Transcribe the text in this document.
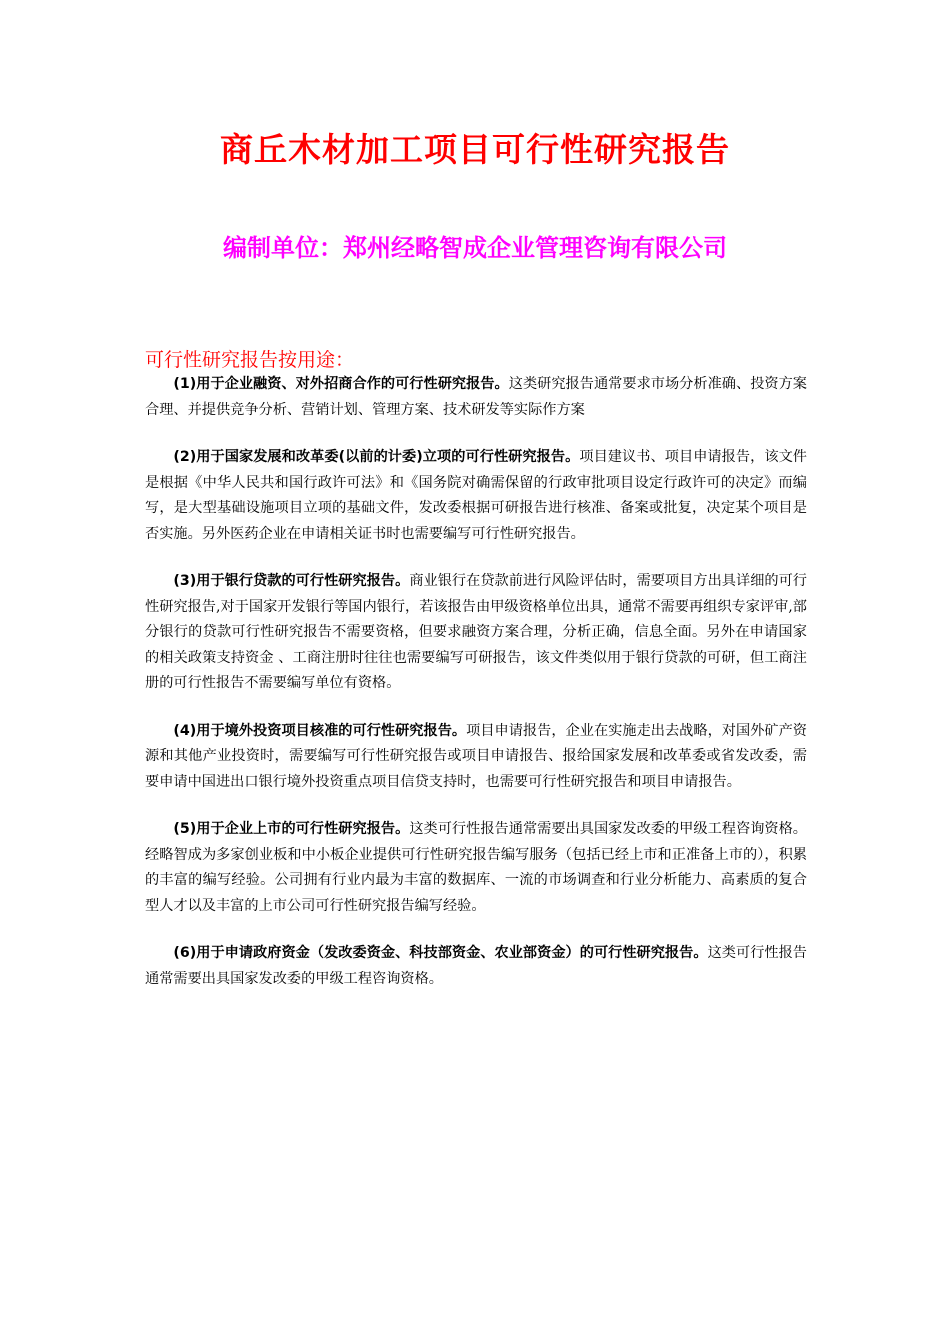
商丘木材加工项目可行性研究报告
编制单位：郑州经略智成企业管理咨询有限公司
可行性研究报告按用途：

(1)用于企业融资、对外招商合作的可行性研究报告。这类研究报告通常要求市场分析准确、投资方案合理、并提供竞争分析、营销计划、管理方案、技术研发等实际作方案

(2)用于国家发展和改革委(以前的计委)立项的可行性研究报告。项目建议书、项目申请报告，该文件是根据《中华人民共和国行政许可法》和《国务院对确需保留的行政审批项目设定行政许可的决定》而编写，是大型基础设施项目立项的基础文件，发改委根据可研报告进行核准、备案或批复，决定某个项目是否实施。另外医药企业在申请相关证书时也需要编写可行性研究报告。

(3)用于银行贷款的可行性研究报告。商业银行在贷款前进行风险评估时，需要项目方出具详细的可行性研究报告,对于国家开发银行等国内银行，若该报告由甲级资格单位出具，通常不需要再组织专家评审,部分银行的贷款可行性研究报告不需要资格，但要求融资方案合理，分析正确，信息全面。另外在申请国家的相关政策支持资金 、工商注册时往往也需要编写可研报告，该文件类似用于银行贷款的可研，但工商注册的可行性报告不需要编写单位有资格。

(4)用于境外投资项目核准的可行性研究报告。项目申请报告，企业在实施走出去战略，对国外矿产资源和其他产业投资时，需要编写可行性研究报告或项目申请报告、报给国家发展和改革委或省发改委，需要申请中国进出口银行境外投资重点项目信贷支持时，也需要可行性研究报告和项目申请报告。

(5)用于企业上市的可行性研究报告。这类可行性报告通常需要出具国家发改委的甲级工程咨询资格。经略智成为多家创业板和中小板企业提供可行性研究报告编写服务（包括已经上市和正准备上市的），积累的丰富的编写经验。公司拥有行业内最为丰富的数据库、一流的市场调查和行业分析能力、高素质的复合型人才以及丰富的上市公司可行性研究报告编写经验。

(6)用于申请政府资金（发改委资金、科技部资金、农业部资金）的可行性研究报告。这类可行性报告通常需要出具国家发改委的甲级工程咨询资格。
